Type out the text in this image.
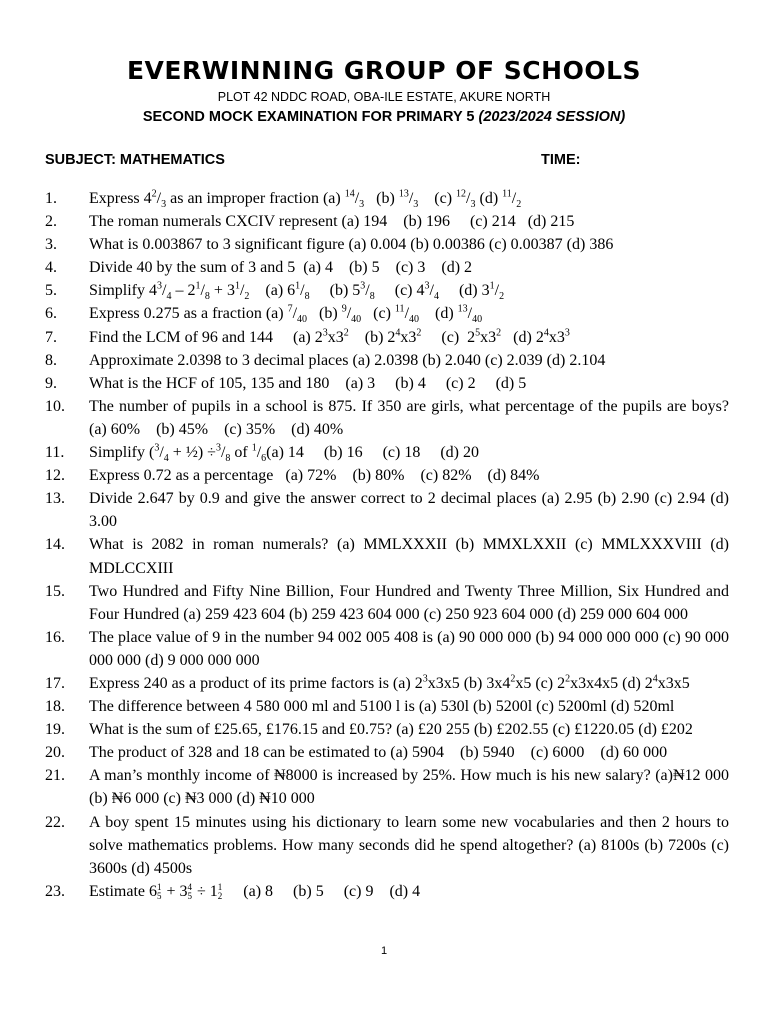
EVERWINNING GROUP OF SCHOOLS
PLOT 42 NDDC ROAD, OBA-ILE ESTATE, AKURE NORTH
SECOND MOCK EXAMINATION FOR PRIMARY 5 (2023/2024 SESSION)
SUBJECT: MATHEMATICS	TIME:
1.	Express $4^2/_3$ as an improper fraction (a) $^{14}/_3$   (b) $^{13}/_3$    (c) $^{12}/_3$ (d) $^{11}/_2$
2.	The roman numerals CXCIV represent (a) 194    (b) 196     (c) 214   (d) 215
3.	What is 0.003867 to 3 significant figure (a) 0.004 (b) 0.00386 (c) 0.00387 (d) 386
4.	Divide 40 by the sum of 3 and 5  (a) 4    (b) 5    (c) 3    (d) 2
5.	Simplify $4^3/_4 - 2^1/_8 + 3^1/_2$    (a) $6^1/_8$     (b) $5^3/_8$     (c) $4^3/_4$     (d) $3^1/_2$
6.	Express 0.275 as a fraction (a) $^7/_{40}$   (b) $^9/_{40}$   (c) $^{11}/_{40}$    (d) $^{13}/_{40}$
7.	Find the LCM of 96 and 144     (a) $2^3x3^2$    (b) $2^4x3^2$     (c)  $2^5x3^2$   (d) $2^4x3^3$
8.	Approximate 2.0398 to 3 decimal places (a) 2.0398 (b) 2.040 (c) 2.039 (d) 2.104
9.	What is the HCF of 105, 135 and 180    (a) 3     (b) 4     (c) 2     (d) 5
10.	The number of pupils in a school is 875. If 350 are girls, what percentage of the pupils are boys?     (a) 60%    (b) 45%    (c) 35%    (d) 40%
11.	Simplify ($^3/_4$ + ½) $\div^3/_8$ of $^1/_6(a)$ 14     (b) 16     (c) 18     (d) 20
12.	Express 0.72 as a percentage   (a) 72%    (b) 80%    (c) 82%    (d) 84%
13.	Divide 2.647 by 0.9 and give the answer correct to 2 decimal places (a) 2.95 (b) 2.90 (c) 2.94 (d) 3.00
14.	What is 2082 in roman numerals? (a) MMLXXXII (b) MMXLXXII (c) MMLXXXVIII (d) MDLCCXIII
15.	Two Hundred and Fifty Nine Billion, Four Hundred and Twenty Three Million, Six Hundred and Four Hundred (a) 259 423 604 (b) 259 423 604 000 (c) 250 923 604 000 (d) 259 000 604 000
16.	The place value of 9 in the number 94 002 005 408 is (a) 90 000 000 (b) 94 000 000 000 (c) 90 000 000 000 (d) 9 000 000 000
17.	Express 240 as a product of its prime factors is (a) $2^3x3x5$ (b) $3x4^2x5$ (c) $2^2x3x4x5$ (d) $2^4x3x5$
18.	The difference between 4 580 000 ml and 5100 l is (a) 530l (b) 5200l (c) 5200ml (d) 520ml
19.	What is the sum of £25.65, £176.15 and £0.75? (a) £20 255 (b) £202.55 (c) £1220.05 (d) £202
20.	The product of 328 and 18 can be estimated to (a) 5904    (b) 5940    (c) 6000    (d) 60 000
21.	A man’s monthly income of ₦8000 is increased by 25%. How much is his new salary? (a)₦12 000 (b) ₦6 000 (c) ₦3 000 (d) ₦10 000
22.	A boy spent 15 minutes using his dictionary to learn some new vocabularies and then 2 hours to solve mathematics problems. How many seconds did he spend altogether? (a) 8100s (b) 7200s (c) 3600s (d) 4500s
23.	Estimate 6 1
5 + 3 4
5 ÷ 1 1
2 (a) 8     (b) 5     (c) 9    (d) 4
1
